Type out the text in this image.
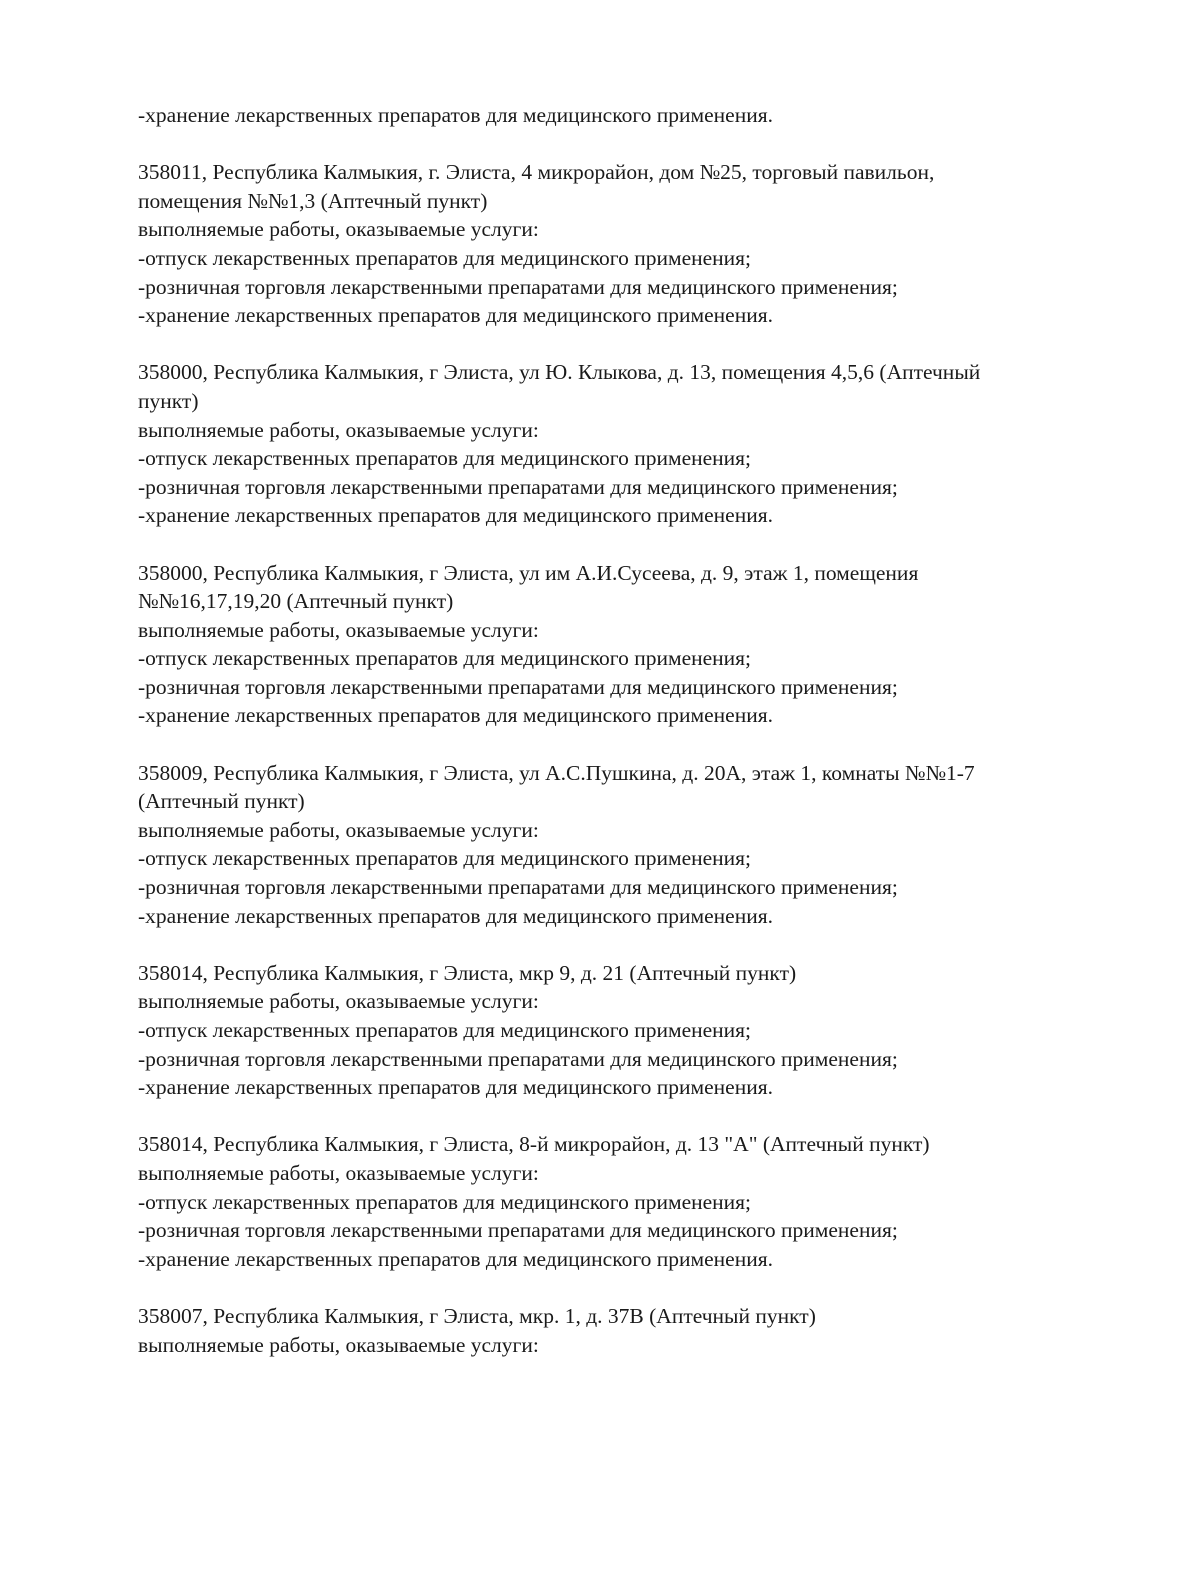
-хранение лекарственных препаратов для медицинского применения.
358011, Республика Калмыкия, г. Элиста, 4 микрорайон, дом №25, торговый павильон,
помещения №№1,3 (Аптечный пункт)
выполняемые работы, оказываемые услуги:
-отпуск лекарственных препаратов для медицинского применения;
-розничная торговля лекарственными препаратами для медицинского применения;
-хранение лекарственных препаратов для медицинского применения.
358000, Республика Калмыкия, г Элиста, ул Ю. Клыкова, д. 13, помещения 4,5,6 (Аптечный
пункт)
выполняемые работы, оказываемые услуги:
-отпуск лекарственных препаратов для медицинского применения;
-розничная торговля лекарственными препаратами для медицинского применения;
-хранение лекарственных препаратов для медицинского применения.
358000, Республика Калмыкия, г Элиста, ул им А.И.Сусеева, д. 9, этаж 1, помещения
№№16,17,19,20 (Аптечный пункт)
выполняемые работы, оказываемые услуги:
-отпуск лекарственных препаратов для медицинского применения;
-розничная торговля лекарственными препаратами для медицинского применения;
-хранение лекарственных препаратов для медицинского применения.
358009, Республика Калмыкия, г Элиста, ул А.С.Пушкина, д. 20А, этаж 1, комнаты №№1-7
(Аптечный пункт)
выполняемые работы, оказываемые услуги:
-отпуск лекарственных препаратов для медицинского применения;
-розничная торговля лекарственными препаратами для медицинского применения;
-хранение лекарственных препаратов для медицинского применения.
358014, Республика Калмыкия, г Элиста, мкр 9, д. 21 (Аптечный пункт)
выполняемые работы, оказываемые услуги:
-отпуск лекарственных препаратов для медицинского применения;
-розничная торговля лекарственными препаратами для медицинского применения;
-хранение лекарственных препаратов для медицинского применения.
358014, Республика Калмыкия, г Элиста, 8-й микрорайон, д. 13 "А" (Аптечный пункт)
выполняемые работы, оказываемые услуги:
-отпуск лекарственных препаратов для медицинского применения;
-розничная торговля лекарственными препаратами для медицинского применения;
-хранение лекарственных препаратов для медицинского применения.
358007, Республика Калмыкия, г Элиста, мкр. 1, д. 37В (Аптечный пункт)
выполняемые работы, оказываемые услуги:
